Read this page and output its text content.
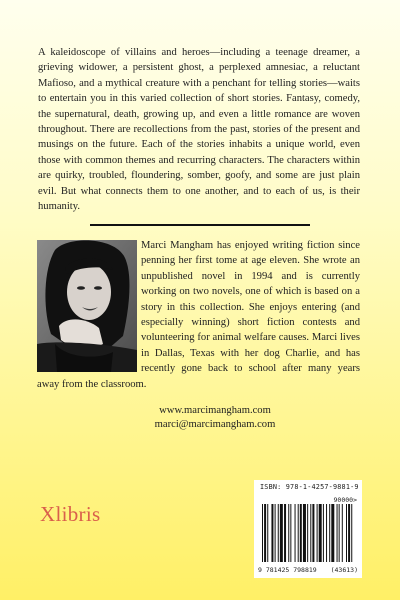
A kaleidoscope of villains and heroes—including a teenage dreamer, a grieving widower, a persistent ghost, a perplexed amnesiac, a reluctant Mafioso, and a mythical creature with a penchant for telling stories—waits to entertain you in this varied collection of short stories. Fantasy, comedy, the supernatural, death, growing up, and even a little romance are woven throughout. There are recollections from the past, stories of the present and musings on the future. Each of the stories inhabits a unique world, even those with common themes and recurring characters. The characters within are quirky, troubled, floundering, somber, goofy, and some are just plain evil. But what connects them to one another, and to each of us, is their humanity.

Marci Mangham has enjoyed writing fiction since penning her first tome at age eleven. She wrote an unpublished novel in 1994 and is currently working on two novels, one of which is based on a story in this collection. She enjoys entering (and especially winning) short fiction contests and volunteering for animal welfare causes. Marci lives in Dallas, Texas with her dog Charlie, and has recently gone back to school after many years away from the classroom.

www.marcimangham.com
marci@marcimangham.com
Xlibris
ISBN: 978-1-4257-9881-9
90000>
9 781425 798819 (43613)
